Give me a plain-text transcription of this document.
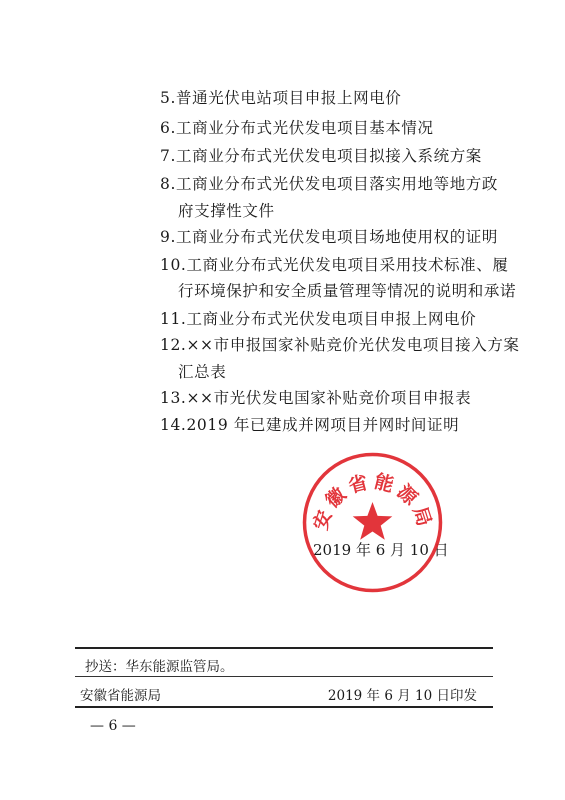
5.普通光伏电站项目申报上网电价
6.工商业分布式光伏发电项目基本情况
7.工商业分布式光伏发电项目拟接入系统方案
8.工商业分布式光伏发电项目落实用地等地方政
府支撑性文件
9.工商业分布式光伏发电项目场地使用权的证明
10.工商业分布式光伏发电项目采用技术标准、履
行环境保护和安全质量管理等情况的说明和承诺
11.工商业分布式光伏发电项目申报上网电价
12.××市申报国家补贴竞价光伏发电项目接入方案
汇总表
13.××市光伏发电国家补贴竞价项目申报表
14.2019 年已建成并网项目并网时间证明
2019 年 6 月 10 日
安徽省能源局
抄送：华东能源监管局。
安徽省能源局	2019 年 6 月 10 日印发
— 6 —
